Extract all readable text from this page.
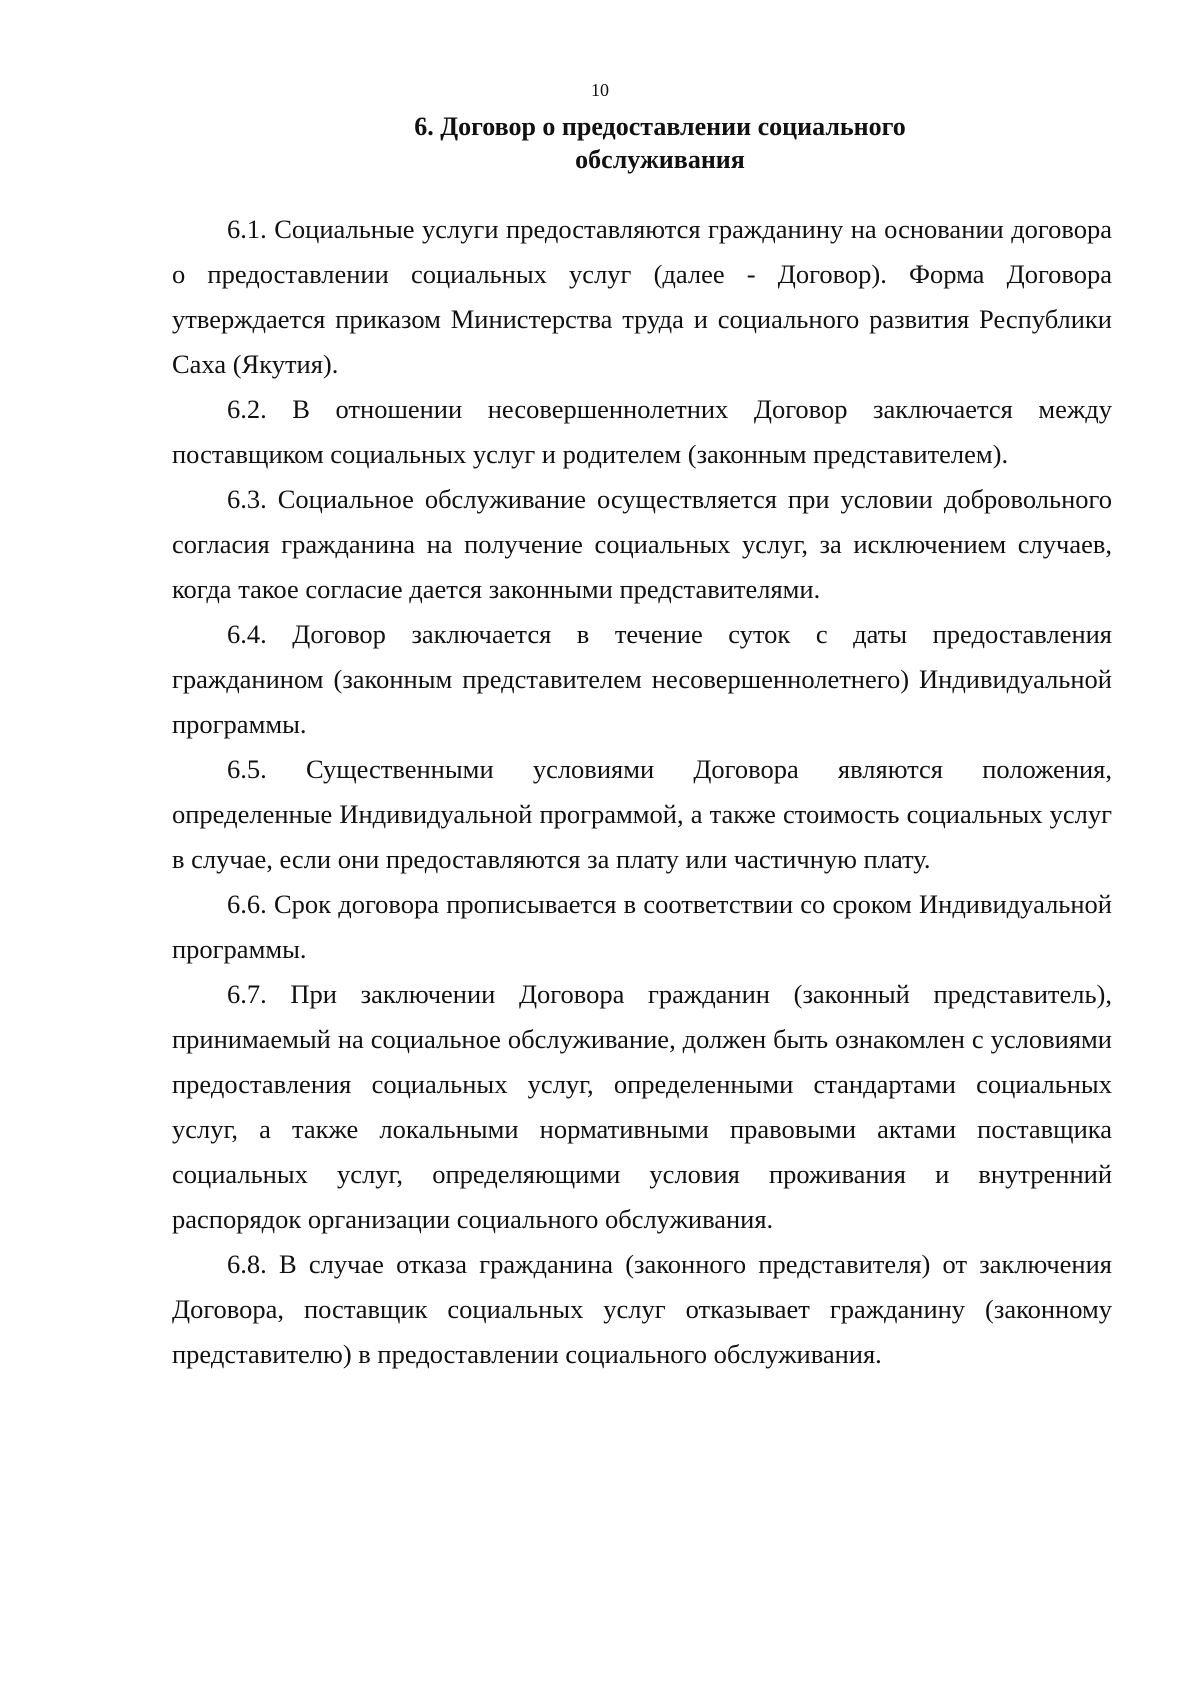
10
6. Договор о предоставлении социального
обслуживания

6.1. Социальные услуги предоставляются гражданину на основании договора о предоставлении социальных услуг (далее - Договор). Форма Договора утверждается приказом Министерства труда и социального развития Республики Саха (Якутия).

6.2. В отношении несовершеннолетних Договор заключается между поставщиком социальных услуг и родителем (законным представителем).

6.3. Социальное обслуживание осуществляется при условии добровольного согласия гражданина на получение социальных услуг, за исключением случаев, когда такое согласие дается законными представителями.

6.4. Договор заключается в течение суток с даты предоставления гражданином (законным представителем несовершеннолетнего) Индивидуальной программы.

6.5. Существенными условиями Договора являются положения, определенные Индивидуальной программой, а также стоимость социальных услуг в случае, если они предоставляются за плату или частичную плату.

6.6. Срок договора прописывается в соответствии со сроком Индивидуальной программы.

6.7. При заключении Договора гражданин (законный представитель), принимаемый на социальное обслуживание, должен быть ознакомлен с условиями предоставления социальных услуг, определенными стандартами социальных услуг, а также локальными нормативными правовыми актами поставщика социальных услуг, определяющими условия проживания и внутренний распорядок организации социального обслуживания.

6.8. В случае отказа гражданина (законного представителя) от заключения Договора, поставщик социальных услуг отказывает гражданину (законному представителю) в предоставлении социального обслуживания.
